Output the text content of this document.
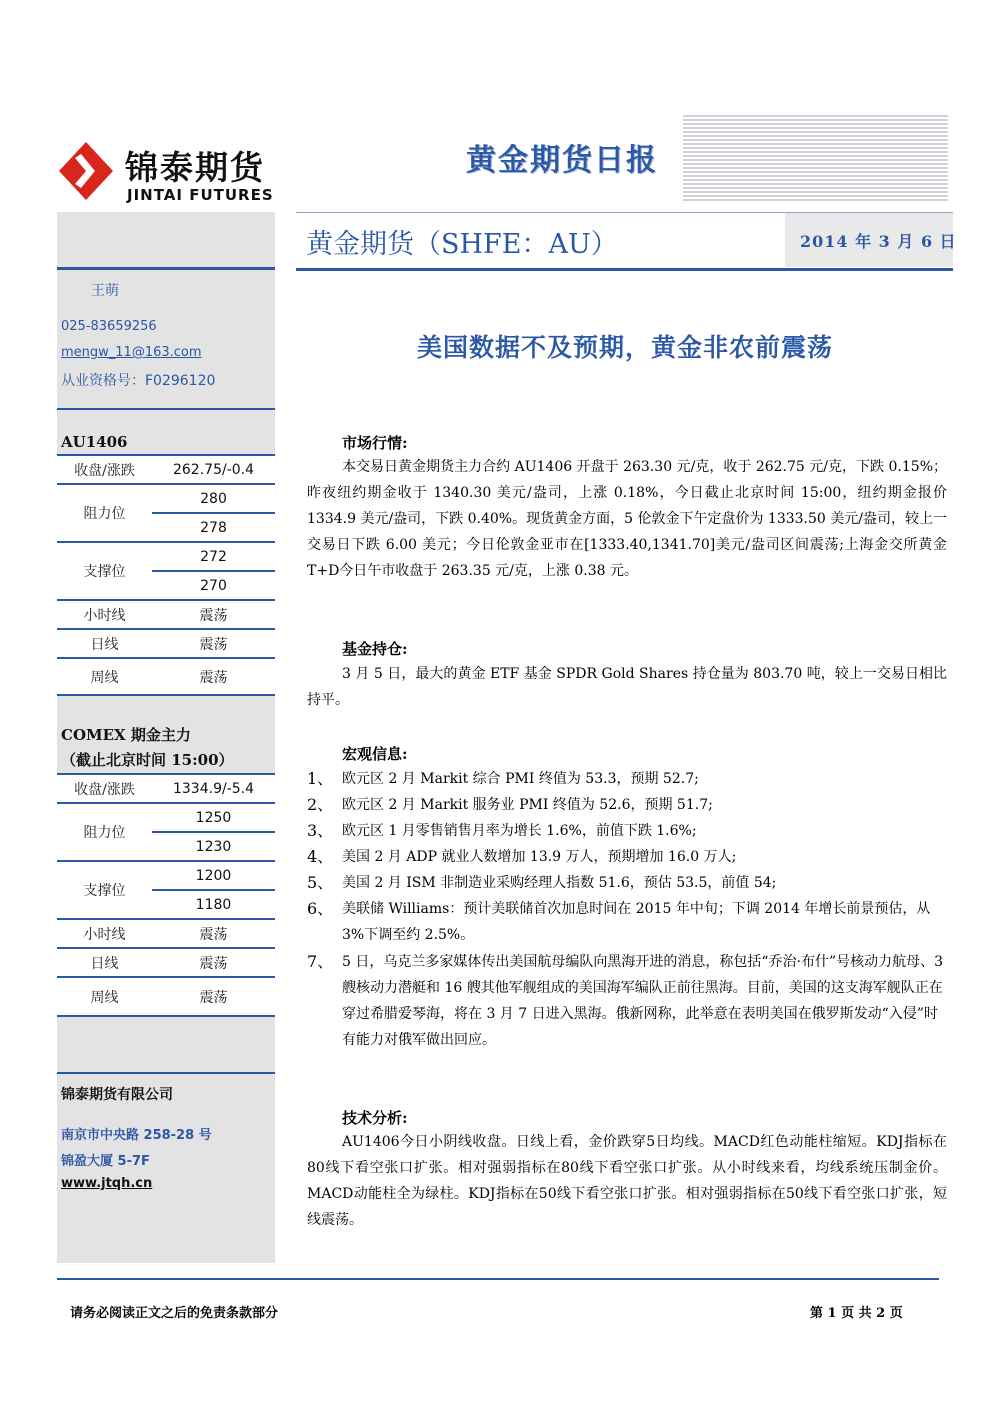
锦泰期货
JINTAI FUTURES
黄金期货日报
黄金期货（SHFE：AU）	2014 年 3 月 6 日
王萌
025-83659256
mengw_11@163.com
从业资格号：F0296120
AU1406
收盘/涨跌	262.75/-0.4
阻力位	280
	278
支撑位	272
	270
小时线	震荡
日线	震荡
周线	震荡
COMEX 期金主力
（截止北京时间 15:00）
收盘/涨跌	1334.9/-5.4
阻力位	1250
	1230
支撑位	1200
	1180
小时线	震荡
日线	震荡
周线	震荡
锦泰期货有限公司
南京市中央路 258-28 号
锦盈大厦 5-7F
www.jtqh.cn
美国数据不及预期，黄金非农前震荡
市场行情:
本交易日黄金期货主力合约 AU1406 开盘于 263.30 元/克，收于 262.75 元/克，下跌 0.15%；昨夜纽约期金收于 1340.30 美元/盎司，上涨 0.18%，今日截止北京时间 15:00，纽约期金报价 1334.9 美元/盎司，下跌 0.40%。现货黄金方面，5 伦敦金下午定盘价为 1333.50 美元/盎司，较上一交易日下跌 6.00 美元；今日伦敦金亚市在[1333.40,1341.70]美元/盎司区间震荡;上海金交所黄金 T+D今日午市收盘于 263.35 元/克，上涨 0.38 元。
基金持仓:
3 月 5 日，最大的黄金 ETF 基金 SPDR Gold Shares 持仓量为 803.70 吨，较上一交易日相比持平。
宏观信息:
1、 欧元区 2 月 Markit 综合 PMI 终值为 53.3，预期 52.7;
2、 欧元区 2 月 Markit 服务业 PMI 终值为 52.6，预期 51.7;
3、 欧元区 1 月零售销售月率为增长 1.6%，前值下跌 1.6%;
4、 美国 2 月 ADP 就业人数增加 13.9 万人，预期增加 16.0 万人;
5、 美国 2 月 ISM 非制造业采购经理人指数 51.6，预估 53.5，前值 54;
6、 美联储 Williams：预计美联储首次加息时间在 2015 年中旬；下调 2014 年增长前景预估，从 3%下调至约 2.5%。
7、 5 日，乌克兰多家媒体传出美国航母编队向黑海开进的消息，称包括“乔治·布什”号核动力航母、3 艘核动力潜艇和 16 艘其他军舰组成的美国海军编队正前往黑海。目前，美国的这支海军舰队正在穿过希腊爱琴海，将在 3 月 7 日进入黑海。俄新网称，此举意在表明美国在俄罗斯发动“入侵”时有能力对俄军做出回应。
技术分析:
AU1406今日小阴线收盘。日线上看，金价跌穿5日均线。MACD红色动能柱缩短。KDJ指标在80线下看空张口扩张。相对强弱指标在80线下看空张口扩张。从小时线来看，均线系统压制金价。MACD动能柱全为绿柱。KDJ指标在50线下看空张口扩张。相对强弱指标在50线下看空张口扩张，短线震荡。
请务必阅读正文之后的免责条款部分	第 1 页 共 2 页
